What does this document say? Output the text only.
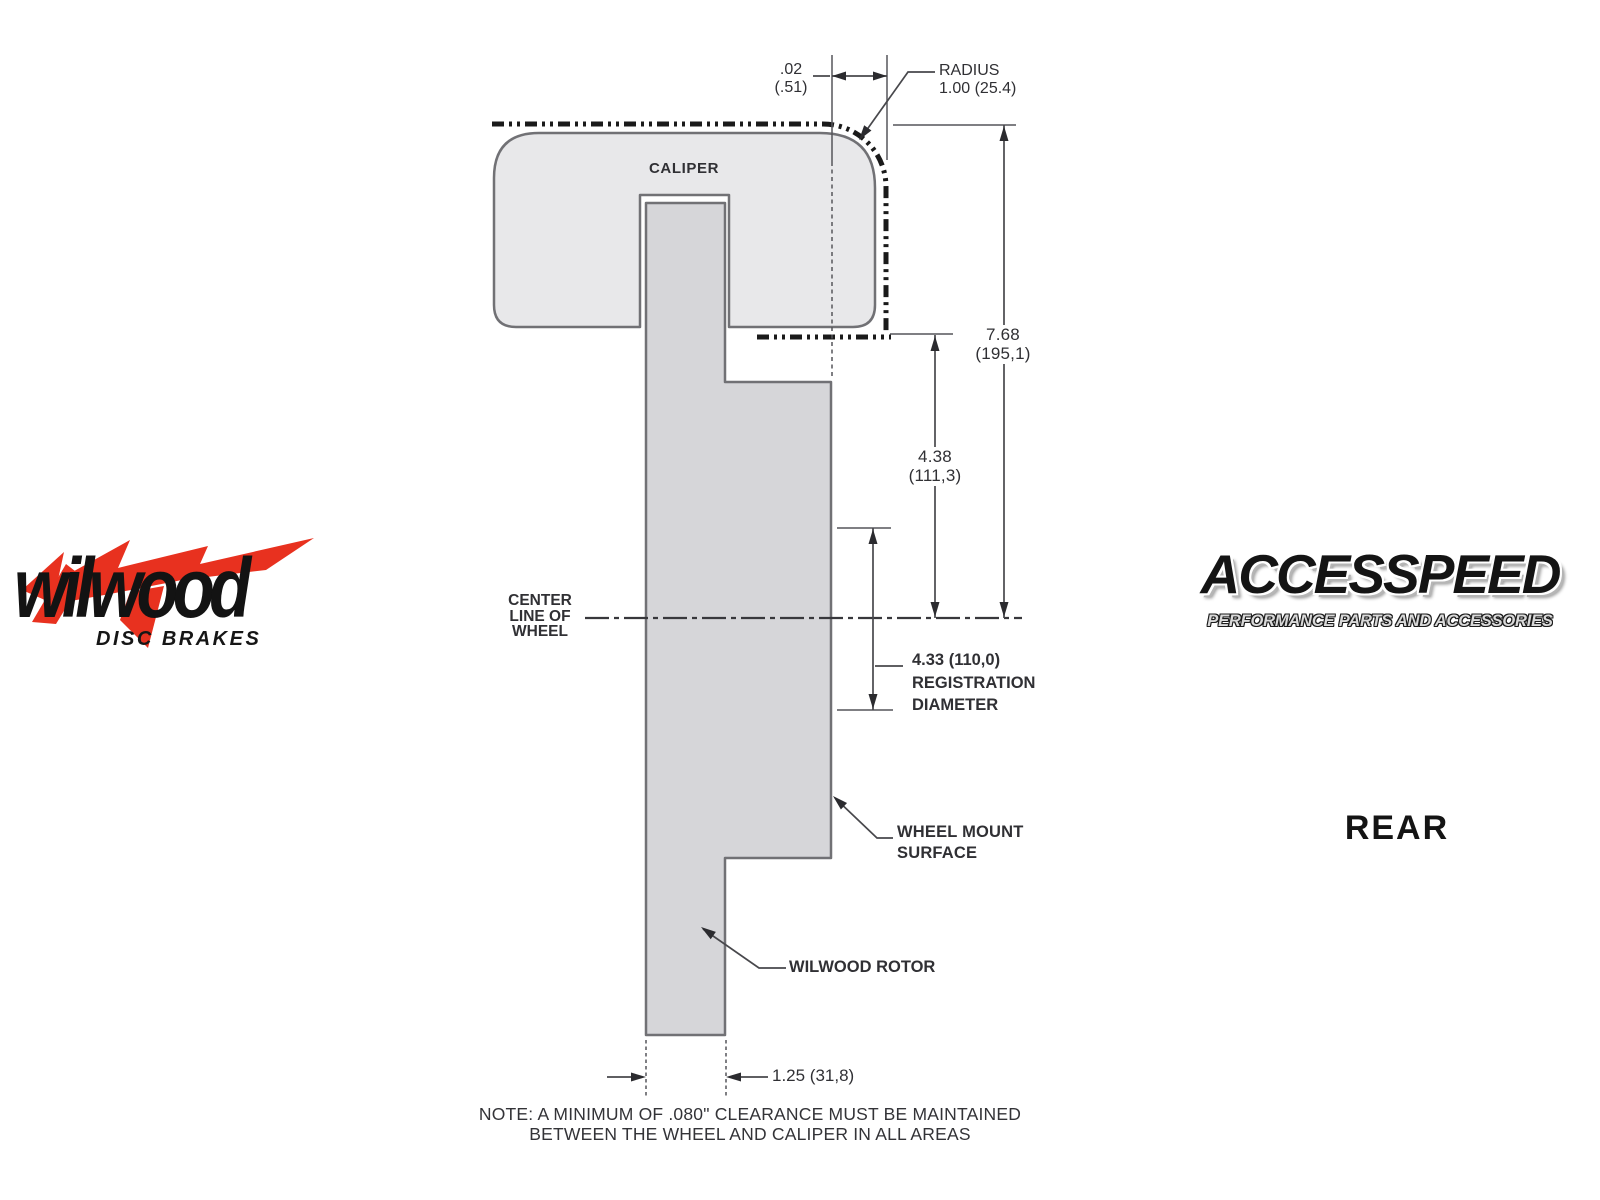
CALIPER
.02
(.51)
RADIUS
1.00 (25.4)
7.68
(195,1)
4.38
(111,3)
CENTER
LINE OF
WHEEL
4.33 (110,0)
REGISTRATION
DIAMETER
WHEEL MOUNT
SURFACE
WILWOOD ROTOR
1.25 (31,8)
NOTE: A MINIMUM OF .080" CLEARANCE MUST BE MAINTAINED
BETWEEN THE WHEEL AND CALIPER IN ALL AREAS
wilwood
DISC BRAKES
ACCESSPEED
PERFORMANCE PARTS AND ACCESSORIES
REAR
